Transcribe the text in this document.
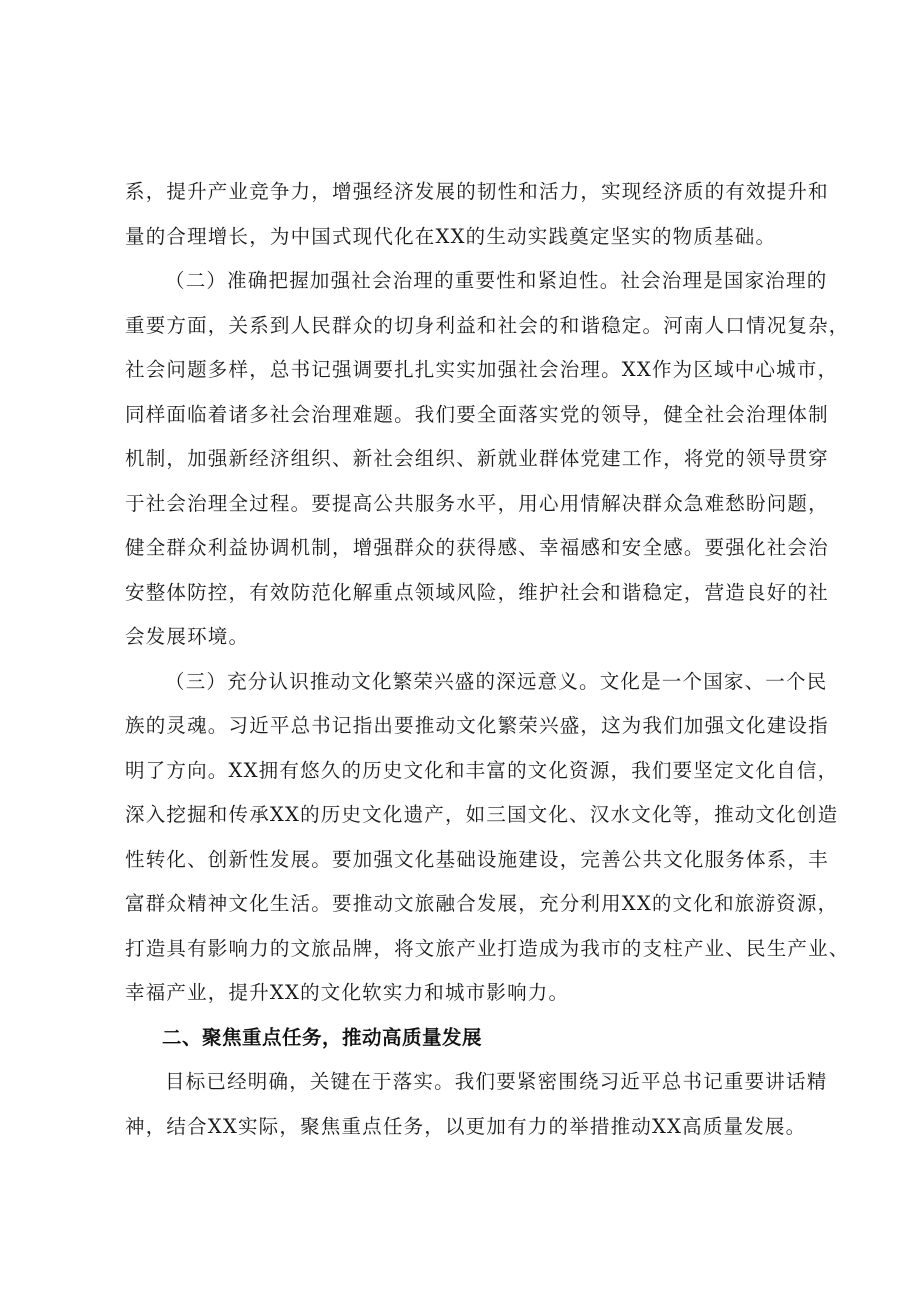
系，提升产业竞争力，增强经济发展的韧性和活力，实现经济质的有效提升和
量的合理增长，为中国式现代化在XX的生动实践奠定坚实的物质基础。
（二）准确把握加强社会治理的重要性和紧迫性。社会治理是国家治理的
重要方面，关系到人民群众的切身利益和社会的和谐稳定。河南人口情况复杂，
社会问题多样，总书记强调要扎扎实实加强社会治理。XX作为区域中心城市，
同样面临着诸多社会治理难题。我们要全面落实党的领导，健全社会治理体制
机制，加强新经济组织、新社会组织、新就业群体党建工作，将党的领导贯穿
于社会治理全过程。要提高公共服务水平，用心用情解决群众急难愁盼问题，
健全群众利益协调机制，增强群众的获得感、幸福感和安全感。要强化社会治
安整体防控，有效防范化解重点领域风险，维护社会和谐稳定，营造良好的社
会发展环境。
（三）充分认识推动文化繁荣兴盛的深远意义。文化是一个国家、一个民
族的灵魂。习近平总书记指出要推动文化繁荣兴盛，这为我们加强文化建设指
明了方向。XX拥有悠久的历史文化和丰富的文化资源，我们要坚定文化自信，
深入挖掘和传承XX的历史文化遗产，如三国文化、汉水文化等，推动文化创造
性转化、创新性发展。要加强文化基础设施建设，完善公共文化服务体系，丰
富群众精神文化生活。要推动文旅融合发展，充分利用XX的文化和旅游资源，
打造具有影响力的文旅品牌，将文旅产业打造成为我市的支柱产业、民生产业、
幸福产业，提升XX的文化软实力和城市影响力。
二、聚焦重点任务，推动高质量发展
目标已经明确，关键在于落实。我们要紧密围绕习近平总书记重要讲话精
神，结合XX实际，聚焦重点任务，以更加有力的举措推动XX高质量发展。
